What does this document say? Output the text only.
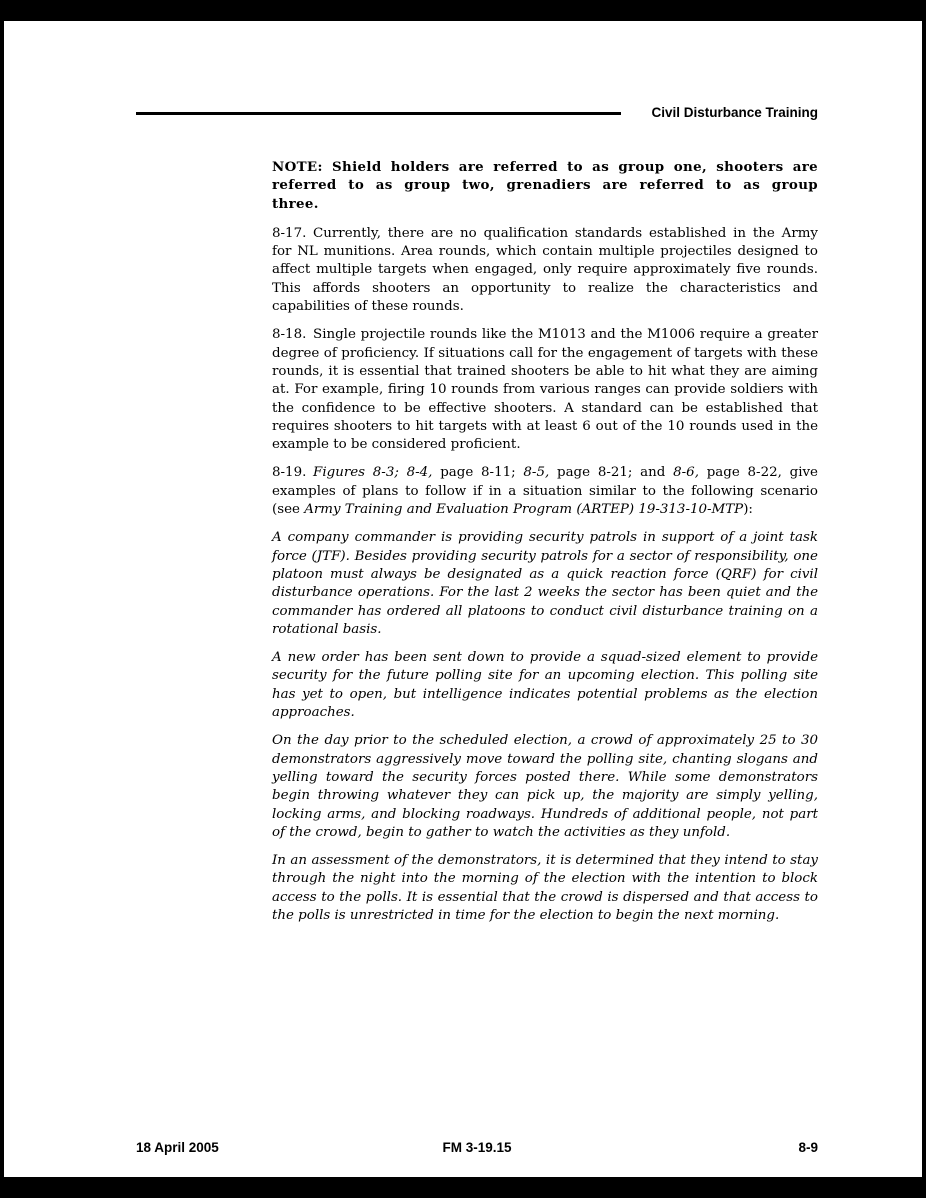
Civil Disturbance Training

NOTE: Shield holders are referred to as group one, shooters are referred to as group two, grenadiers are referred to as group three.

8-17. Currently, there are no qualification standards established in the Army for NL munitions. Area rounds, which contain multiple projectiles designed to affect multiple targets when engaged, only require approximately five rounds. This affords shooters an opportunity to realize the characteristics and capabilities of these rounds.

8-18. Single projectile rounds like the M1013 and the M1006 require a greater degree of proficiency. If situations call for the engagement of targets with these rounds, it is essential that trained shooters be able to hit what they are aiming at. For example, firing 10 rounds from various ranges can provide soldiers with the confidence to be effective shooters. A standard can be established that requires shooters to hit targets with at least 6 out of the 10 rounds used in the example to be considered proficient.

8-19. Figures 8-3; 8-4, page 8-11; 8-5, page 8-21; and 8-6, page 8-22, give examples of plans to follow if in a situation similar to the following scenario (see Army Training and Evaluation Program (ARTEP) 19-313-10-MTP):

A company commander is providing security patrols in support of a joint task force (JTF). Besides providing security patrols for a sector of responsibility, one platoon must always be designated as a quick reaction force (QRF) for civil disturbance operations. For the last 2 weeks the sector has been quiet and the commander has ordered all platoons to conduct civil disturbance training on a rotational basis.

A new order has been sent down to provide a squad-sized element to provide security for the future polling site for an upcoming election. This polling site has yet to open, but intelligence indicates potential problems as the election approaches.

On the day prior to the scheduled election, a crowd of approximately 25 to 30 demonstrators aggressively move toward the polling site, chanting slogans and yelling toward the security forces posted there. While some demonstrators begin throwing whatever they can pick up, the majority are simply yelling, locking arms, and blocking roadways. Hundreds of additional people, not part of the crowd, begin to gather to watch the activities as they unfold.

In an assessment of the demonstrators, it is determined that they intend to stay through the night into the morning of the election with the intention to block access to the polls. It is essential that the crowd is dispersed and that access to the polls is unrestricted in time for the election to begin the next morning.

18 April 2005	FM 3-19.15	8-9
